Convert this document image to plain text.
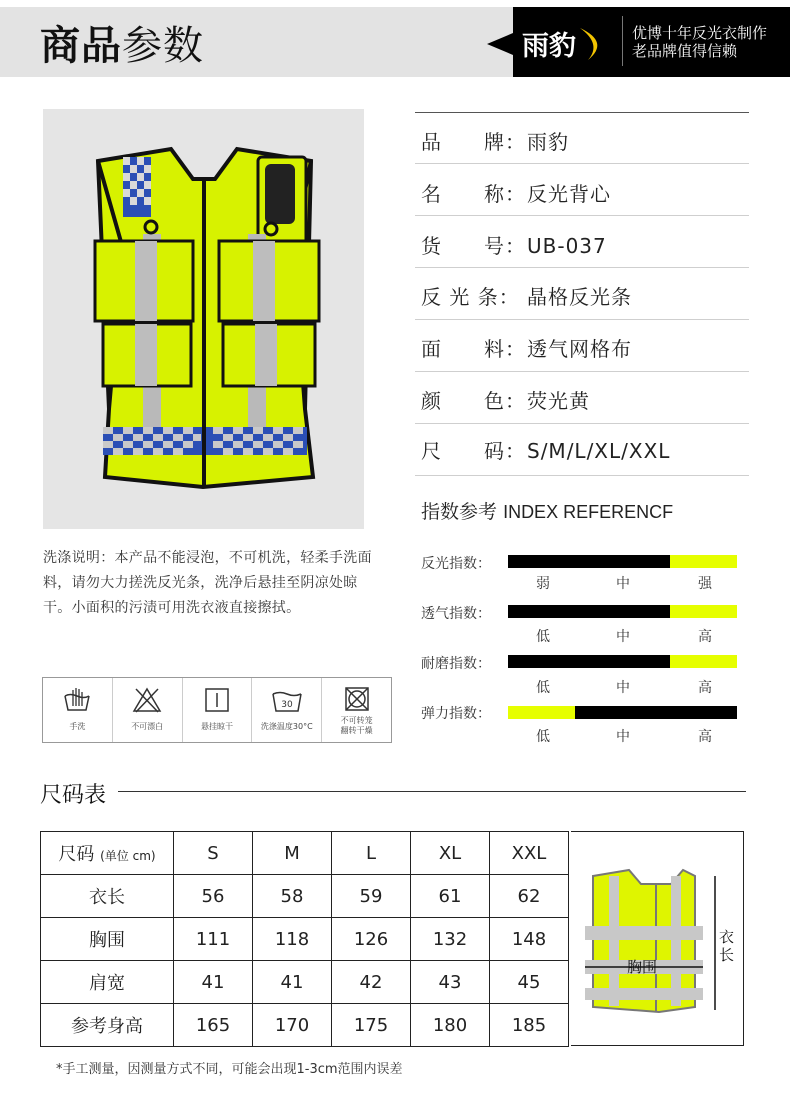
商品参数	雨豹	优博十年反光衣制作
老品牌值得信赖
品　　牌：雨豹
名　　称：反光背心
货　　号：UB-037
反 光 条： 晶格反光条
面　　料：透气网格布
颜　　色：荧光黄
尺　　码：S/M/L/XL/XXL
指数参考 INDEX REFERENCF
反光指数：
弱	中	强
透气指数：
低	中	高
耐磨指数：
低	中	高
弹力指数：
低	中	高
洗涤说明：本产品不能浸泡，不可机洗，轻柔手洗面料，请勿大力搓洗反光条，洗净后悬挂至阴凉处晾干。小面积的污渍可用洗衣液直接擦拭。
手洗	不可漂白	悬挂晾干
30
洗涤温度30°C
不可转笼
翻转干燥
尺码表
尺码 (单位 cm)	S	M	L	XL	XXL
衣长	56	58	59	61	62
胸围	111	118	126	132	148
肩宽	41	41	42	43	45
参考身高	165	170	175	180	185
胸围
衣长
*手工测量，因测量方式不同，可能会出现1-3cm范围内误差
